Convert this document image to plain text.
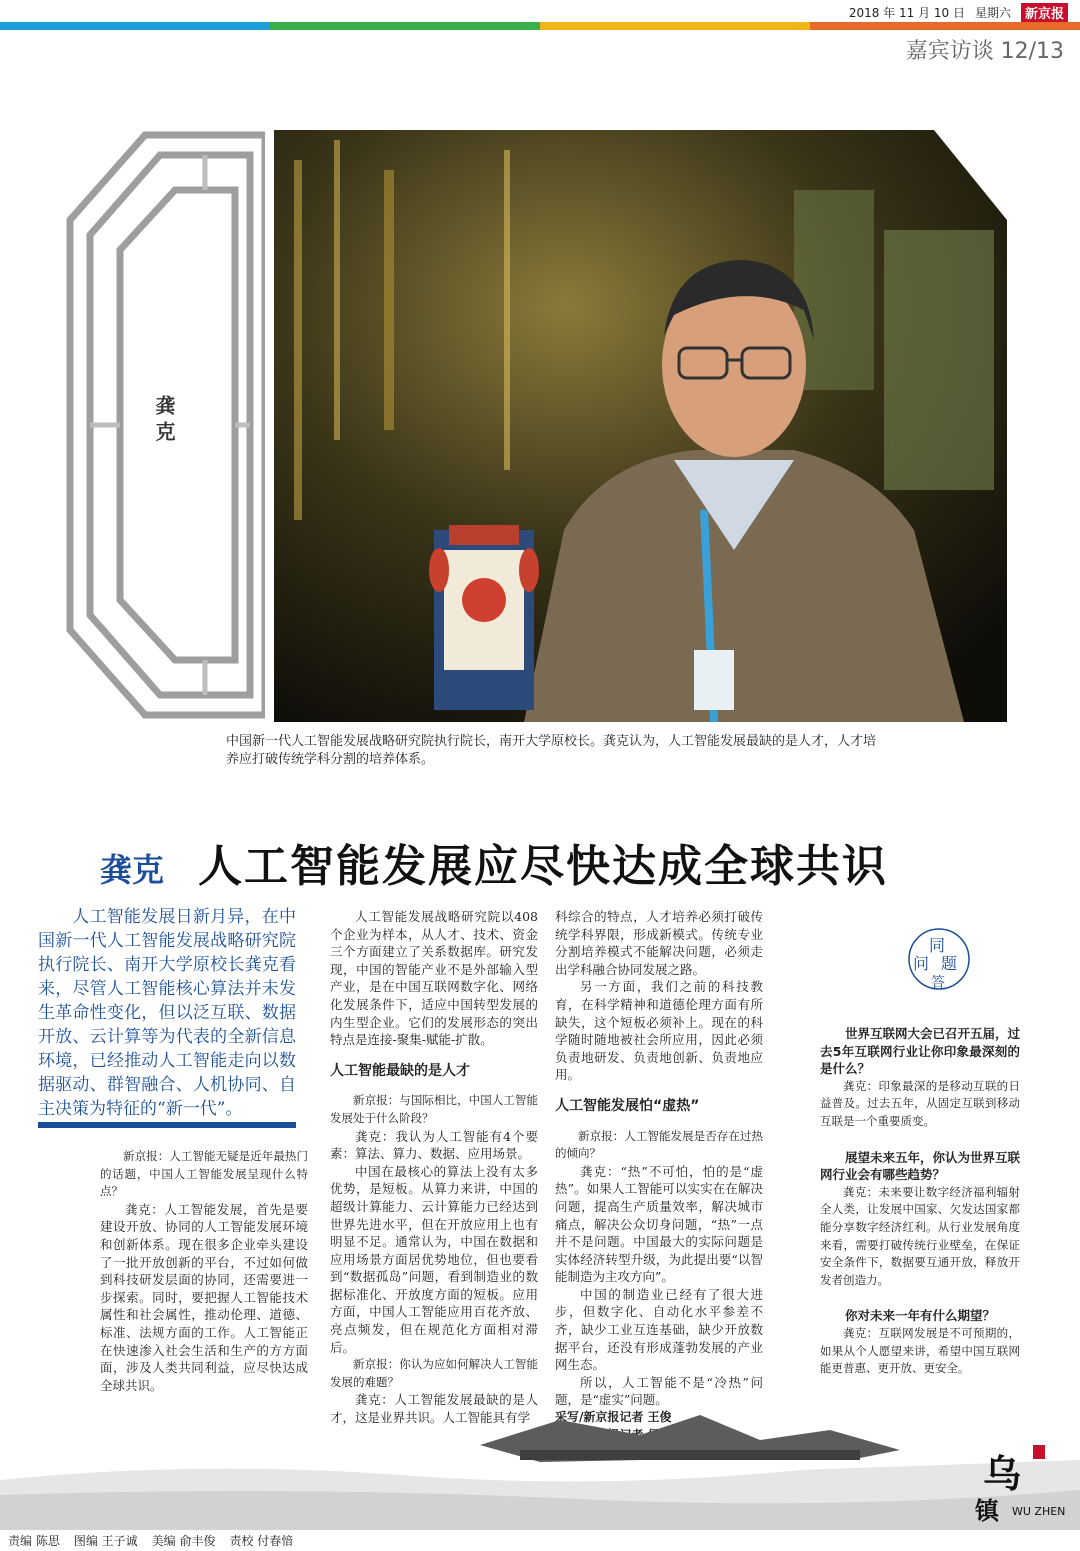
2018 年 11 月 10 日 星期六	新京报
嘉宾访谈 12/13
龚克
中国新一代人工智能发展战略研究院执行院长，南开大学原校长。龚克认为，人工智能发展最缺的是人才，人才培养应打破传统学科分割的培养体系。
龚克 人工智能发展应尽快达成全球共识
人工智能发展日新月异，在中国新一代人工智能发展战略研究院执行院长、南开大学原校长龚克看来，尽管人工智能核心算法并未发生革命性变化，但以泛互联、数据开放、云计算等为代表的全新信息环境，已经推动人工智能走向以数据驱动、群智融合、人机协同、自主决策为特征的“新一代”。

新京报：人工智能无疑是近年最热门的话题，中国人工智能发展呈现什么特点？

龚克：人工智能发展，首先是要建设开放、协同的人工智能发展环境和创新体系。现在很多企业牵头建设了一批开放创新的平台，不过如何做到科技研发层面的协同，还需要进一步探索。同时，要把握人工智能技术属性和社会属性，推动伦理、道德、标准、法规方面的工作。人工智能正在快速渗入社会生活和生产的方方面面，涉及人类共同利益，应尽快达成全球共识。

人工智能发展战略研究院以408个企业为样本，从人才、技术、资金三个方面建立了关系数据库。研究发现，中国的智能产业不是外部输入型产业，是在中国互联网数字化、网络化发展条件下，适应中国转型发展的内生型企业。它们的发展形态的突出特点是连接-聚集-赋能-扩散。

人工智能最缺的是人才

新京报：与国际相比，中国人工智能发展处于什么阶段？

龚克：我认为人工智能有4个要素：算法、算力、数据、应用场景。

中国在最核心的算法上没有太多优势，是短板。从算力来讲，中国的超级计算能力、云计算能力已经达到世界先进水平，但在开放应用上也有明显不足。通常认为，中国在数据和应用场景方面居优势地位，但也要看到“数据孤岛”问题，看到制造业的数据标准化、开放度方面的短板。应用方面，中国人工智能应用百花齐放、亮点频发，但在规范化方面相对滞后。

新京报：你认为应如何解决人工智能发展的难题？

龚克：人工智能发展最缺的是人才，这是业界共识。人工智能具有学

科综合的特点，人才培养必须打破传统学科界限，形成新模式。传统专业分割培养模式不能解决问题，必须走出学科融合协同发展之路。

另一方面，我们之前的科技教育，在科学精神和道德伦理方面有所缺失，这个短板必须补上。现在的科学随时随地被社会所应用，因此必须负责地研发、负责地创新、负责地应用。

人工智能发展怕“虚热”

新京报：人工智能发展是否存在过热的倾向？

龚克：“热”不可怕，怕的是“虚热”。如果人工智能可以实实在在解决问题，提高生产质量效率，解决城市痛点，解决公众切身问题，“热”一点并不是问题。中国最大的实际问题是实体经济转型升级，为此提出要“以智能制造为主攻方向”。

中国的制造业已经有了很大进步，但数字化、自动化水平参差不齐，缺少工业互连基础，缺少开放数据平台，还没有形成蓬勃发展的产业网生态。

所以，人工智能不是“冷热”问题，是“虚实”问题。

采写/新京报记者 王俊

同
问 题
答

世界互联网大会已召开五届，过去5年互联网行业让你印象最深刻的是什么？

龚克：印象最深的是移动互联的日益普及。过去五年，从固定互联到移动互联是一个重要质变。

展望未来五年，你认为世界互联网行业会有哪些趋势？

龚克：未来要让数字经济福利辐射全人类，让发展中国家、欠发达国家都能分享数字经济红利。从行业发展角度来看，需要打破传统行业壁垒，在保证安全条件下，数据要互通开放，释放开发者创造力。

你对未来一年有什么期望？

龚克：互联网发展是不可预期的，如果从个人愿望来讲，希望中国互联网能更普惠、更开放、更安全。

乌
镇 WU ZHEN
责编 陈思 图编 王子诚 美编 俞丰俊 责校 付春愔
